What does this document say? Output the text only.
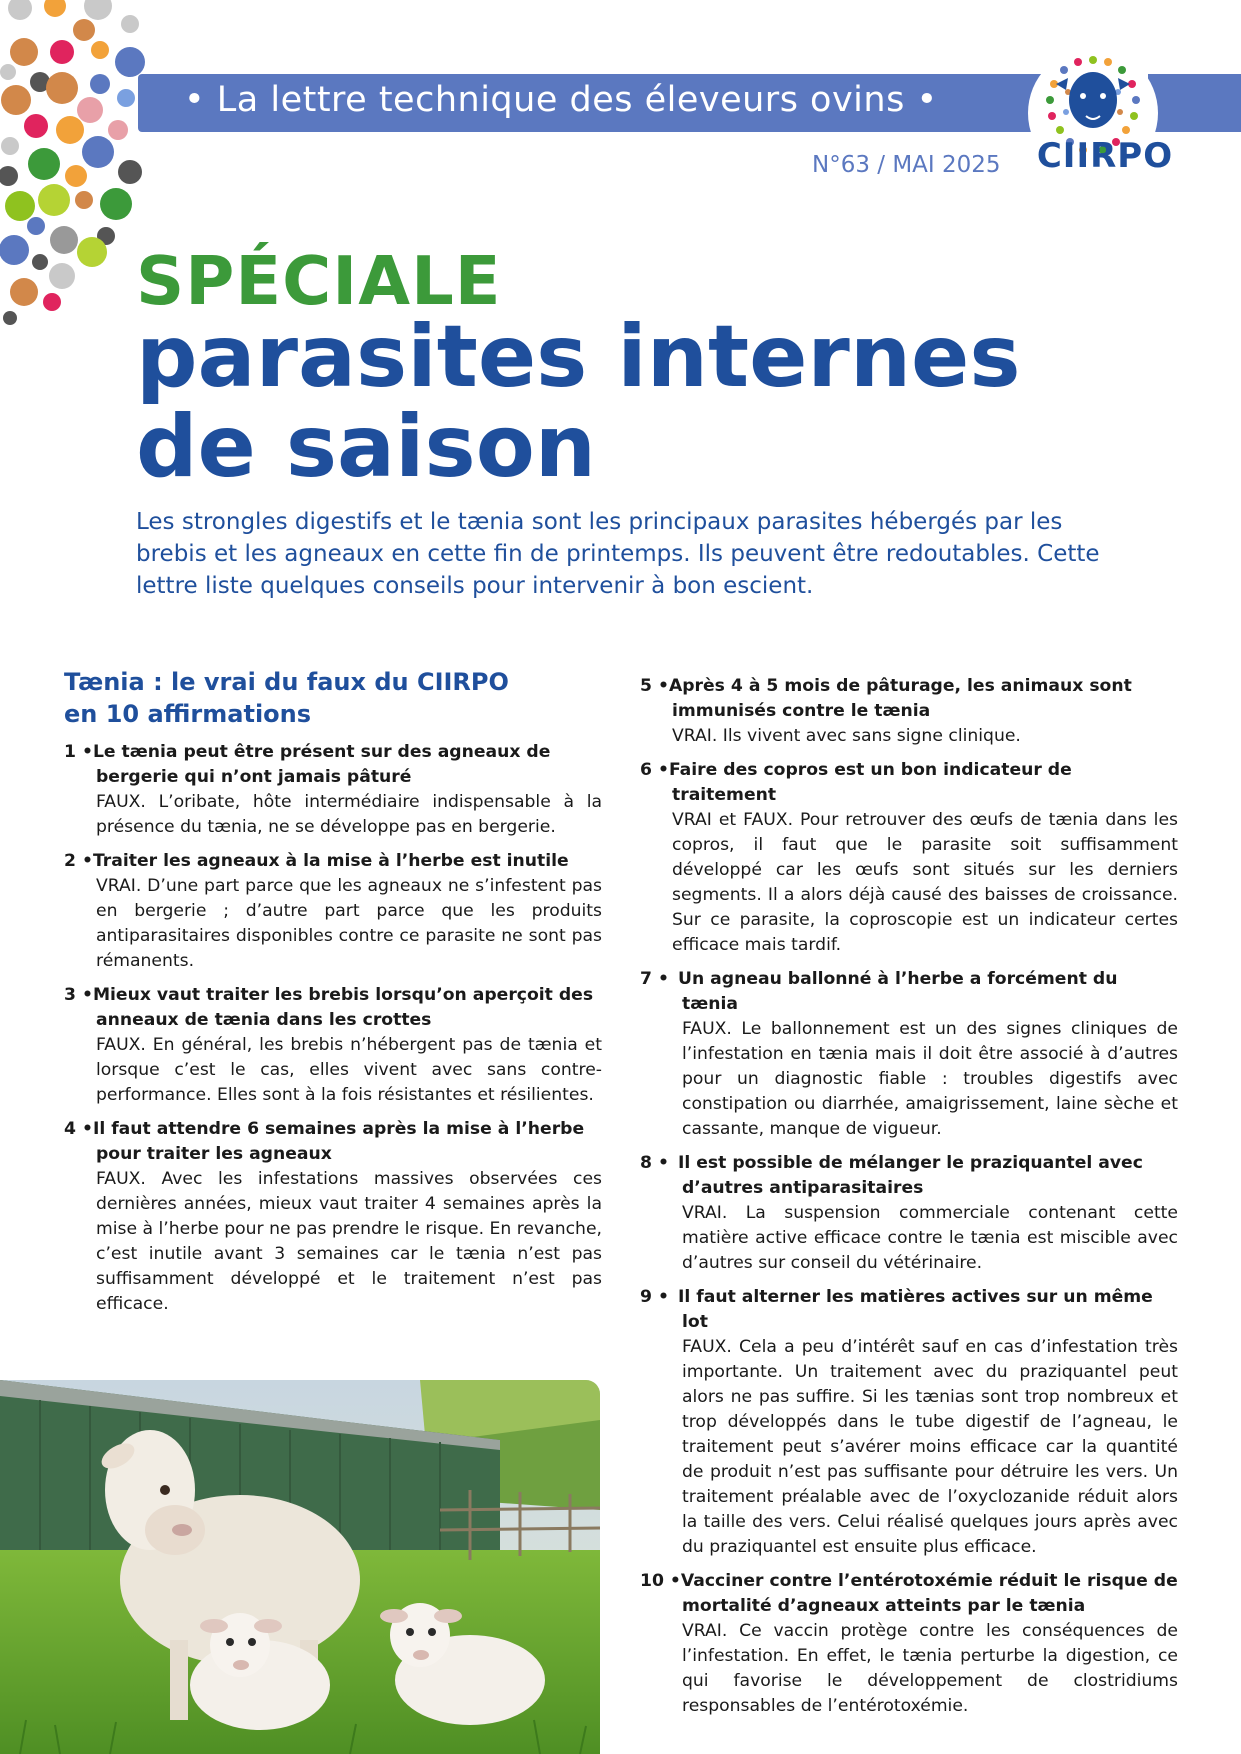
• La lettre technique des éleveurs ovins •
CIIRPO
N°63 / MAI 2025
SPÉCIALE
parasites internes
de saison

Les strongles digestifs et le tænia sont les principaux parasites hébergés par les brebis et les agneaux en cette fin de printemps. Ils peuvent être redoutables. Cette lettre liste quelques conseils pour intervenir à bon escient.

Tænia : le vrai du faux du CIIRPO
en 10 affirmations
1 •Le tænia peut être présent sur des agneaux de bergerie qui n’ont jamais pâturé
FAUX. L’oribate, hôte intermédiaire indispensable à la présence du tænia, ne se développe pas en bergerie.
2 •Traiter les agneaux à la mise à l’herbe est inutile
VRAI. D’une part parce que les agneaux ne s’infestent pas en bergerie ; d’autre part parce que les produits antiparasitaires disponibles contre ce parasite ne sont pas rémanents.
3 •Mieux vaut traiter les brebis lorsqu’on aperçoit des anneaux de tænia dans les crottes
FAUX. En général, les brebis n’hébergent pas de tænia et lorsque c’est le cas, elles vivent avec sans contre-performance. Elles sont à la fois résistantes et résilientes.
4 •Il faut attendre 6 semaines après la mise à l’herbe pour traiter les agneaux
FAUX. Avec les infestations massives observées ces dernières années, mieux vaut traiter 4 semaines après la mise à l’herbe pour ne pas prendre le risque. En revanche, c’est inutile avant 3 semaines car le tænia n’est pas suffisamment développé et le traitement n’est pas efficace.
5 •Après 4 à 5 mois de pâturage, les animaux sont immunisés contre le tænia
VRAI. Ils vivent avec sans signe clinique.
6 •Faire des copros est un bon indicateur de traitement
VRAI et FAUX. Pour retrouver des œufs de tænia dans les copros, il faut que le parasite soit suffisamment développé car les œufs sont situés sur les derniers segments. Il a alors déjà causé des baisses de croissance. Sur ce parasite, la coproscopie est un indicateur certes efficace mais tardif.
7 • Un agneau ballonné à l’herbe a forcément du tænia
FAUX. Le ballonnement est un des signes cliniques de l’infestation en tænia mais il doit être associé à d’autres pour un diagnostic fiable : troubles digestifs avec constipation ou diarrhée, amaigrissement, laine sèche et cassante, manque de vigueur.
8 • Il est possible de mélanger le praziquantel avec d’autres antiparasitaires
VRAI. La suspension commerciale contenant cette matière active efficace contre le tænia est miscible avec d’autres sur conseil du vétérinaire.
9 • Il faut alterner les matières actives sur un même lot
FAUX. Cela a peu d’intérêt sauf en cas d’infestation très importante. Un traitement avec du praziquantel peut alors ne pas suffire. Si les tænias sont trop nombreux et trop développés dans le tube digestif de l’agneau, le traitement peut s’avérer moins efficace car la quantité de produit n’est pas suffisante pour détruire les vers. Un traitement préalable avec de l’oxyclozanide réduit alors la taille des vers. Celui réalisé quelques jours après avec du praziquantel est ensuite plus efficace.
10 •Vacciner contre l’entérotoxémie réduit le risque de mortalité d’agneaux atteints par le tænia
VRAI. Ce vaccin protège contre les conséquences de l’infestation. En effet, le tænia perturbe la digestion, ce qui favorise le développement de clostridiums responsables de l’entérotoxémie.
